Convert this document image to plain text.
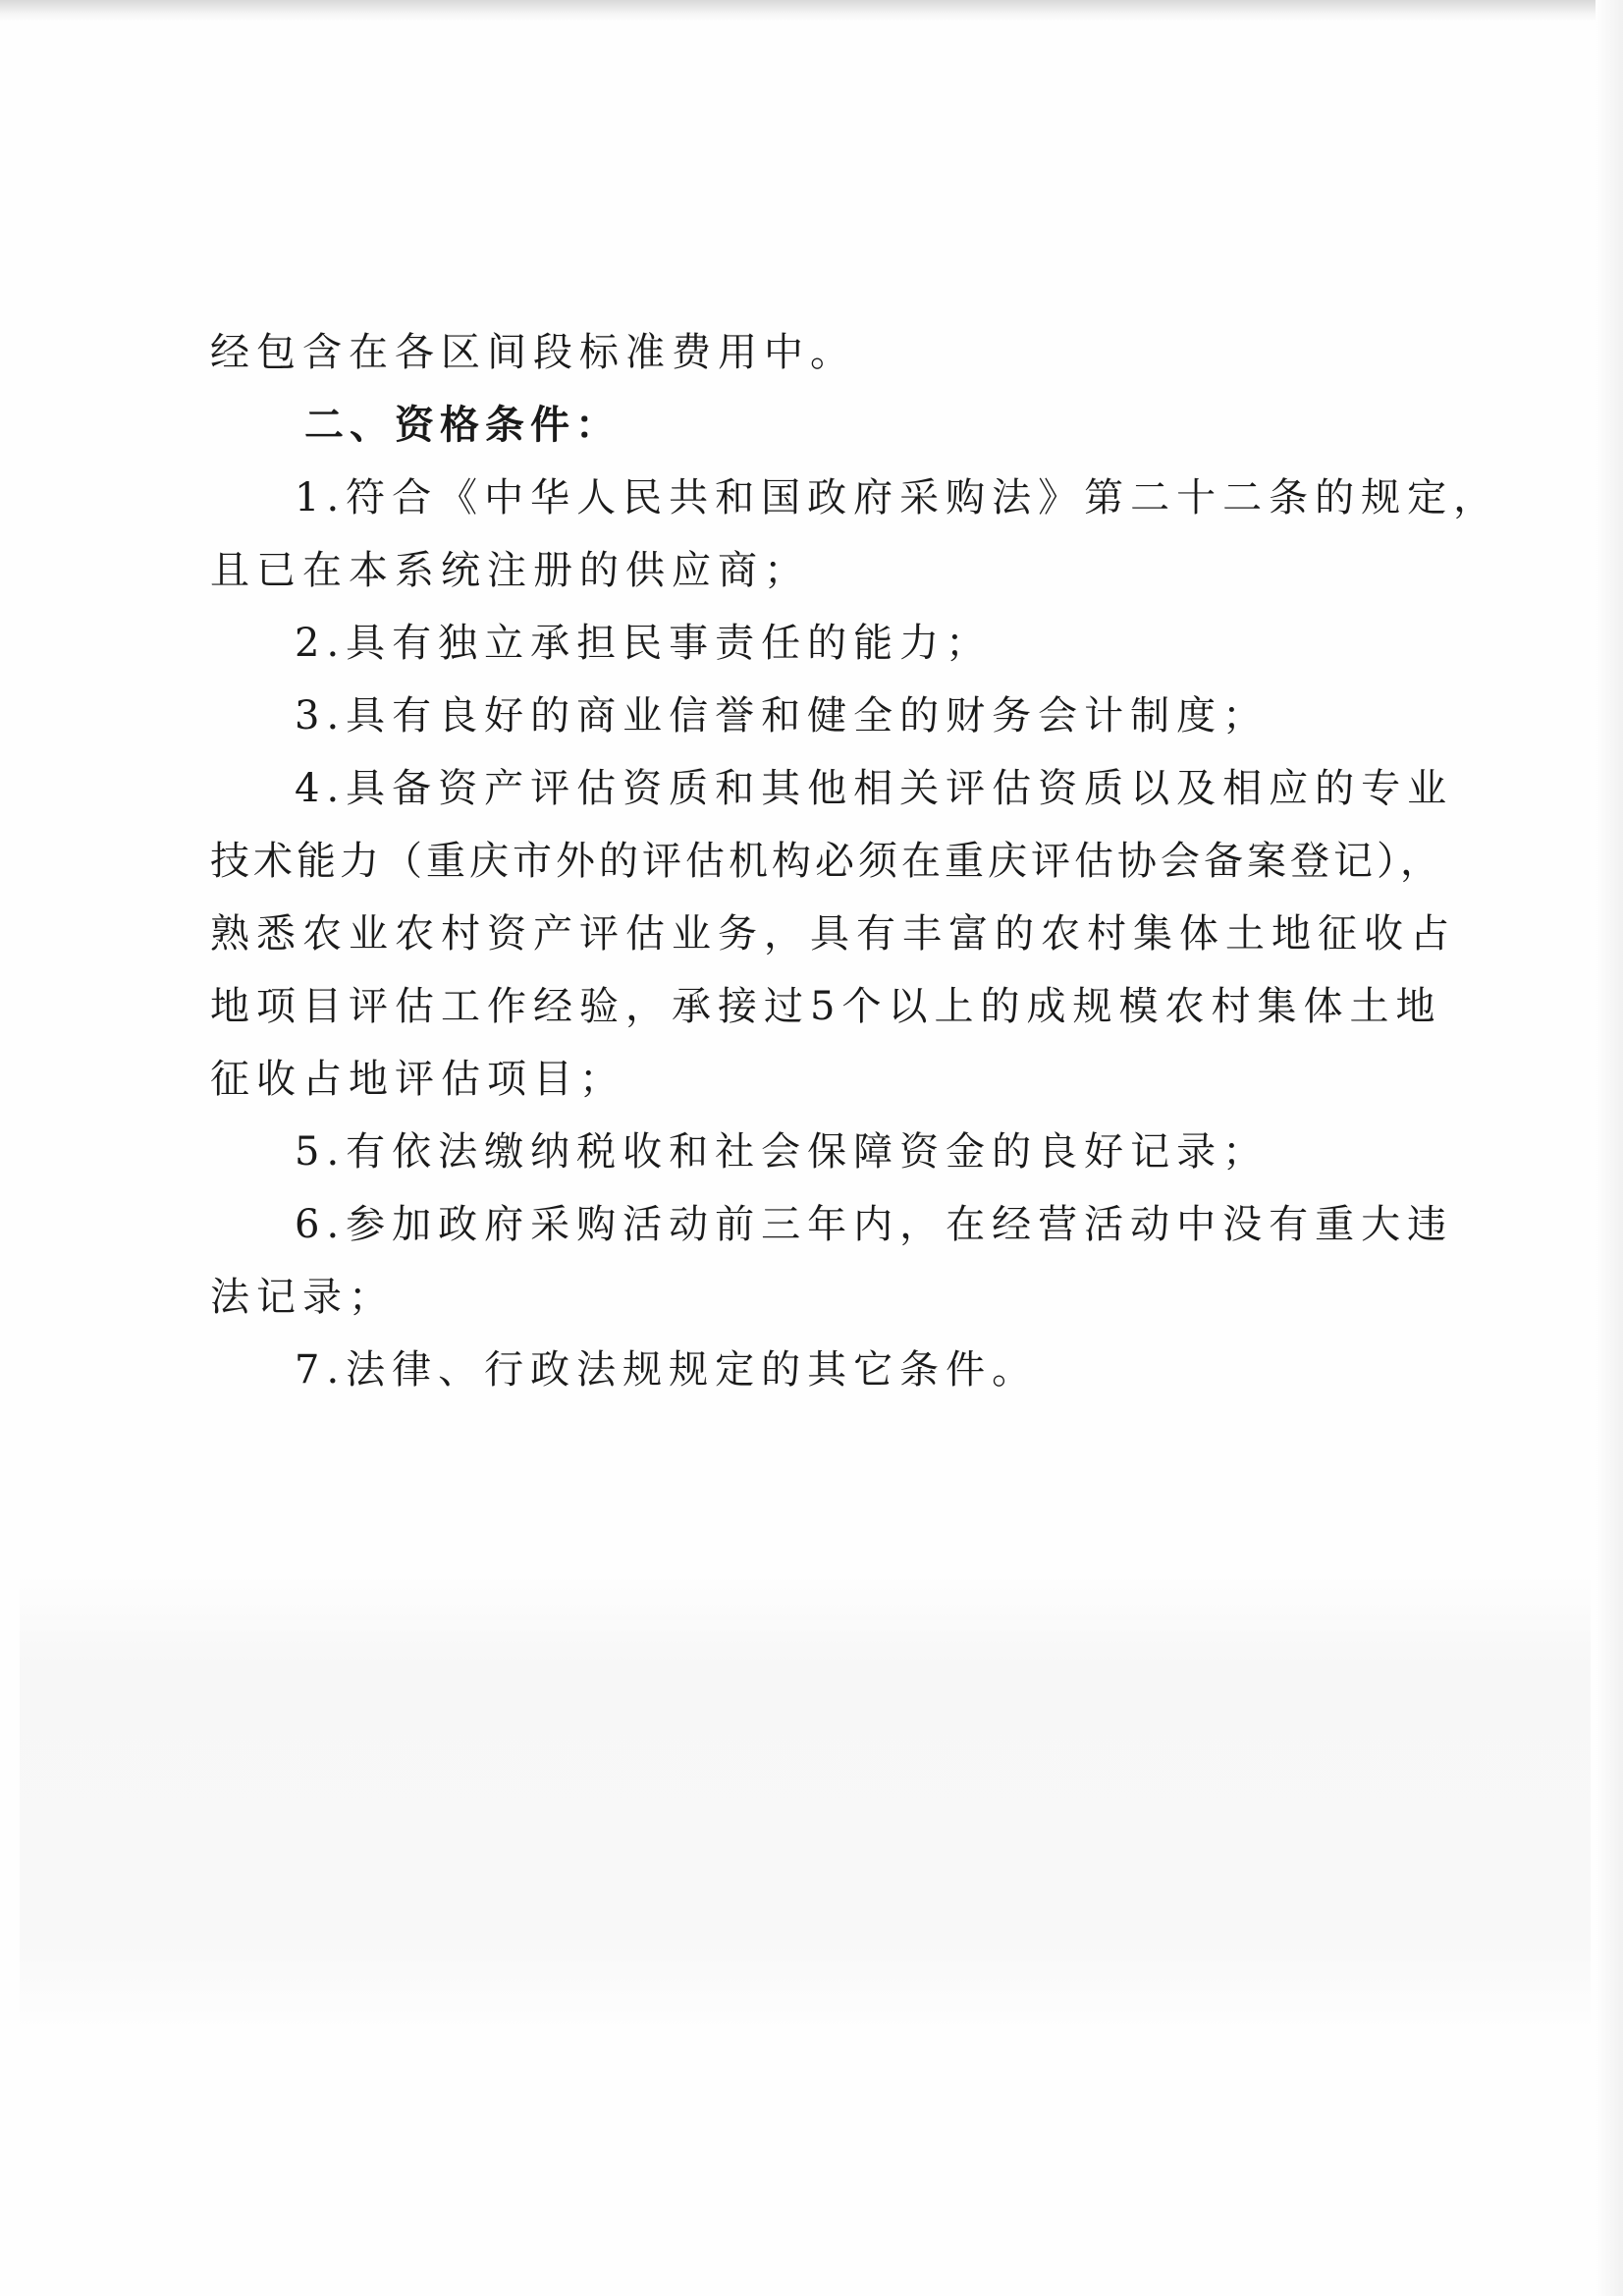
经包含在各区间段标准费用中。
二、资格条件：
1.符合《中华人民共和国政府采购法》第二十二条的规定，
且已在本系统注册的供应商；
2.具有独立承担民事责任的能力；
3.具有良好的商业信誉和健全的财务会计制度；
4.具备资产评估资质和其他相关评估资质以及相应的专业
技术能力（重庆市外的评估机构必须在重庆评估协会备案登记），
熟悉农业农村资产评估业务，具有丰富的农村集体土地征收占
地项目评估工作经验，承接过5个以上的成规模农村集体土地
征收占地评估项目；
5.有依法缴纳税收和社会保障资金的良好记录；
6.参加政府采购活动前三年内，在经营活动中没有重大违
法记录；
7.法律、行政法规规定的其它条件。
